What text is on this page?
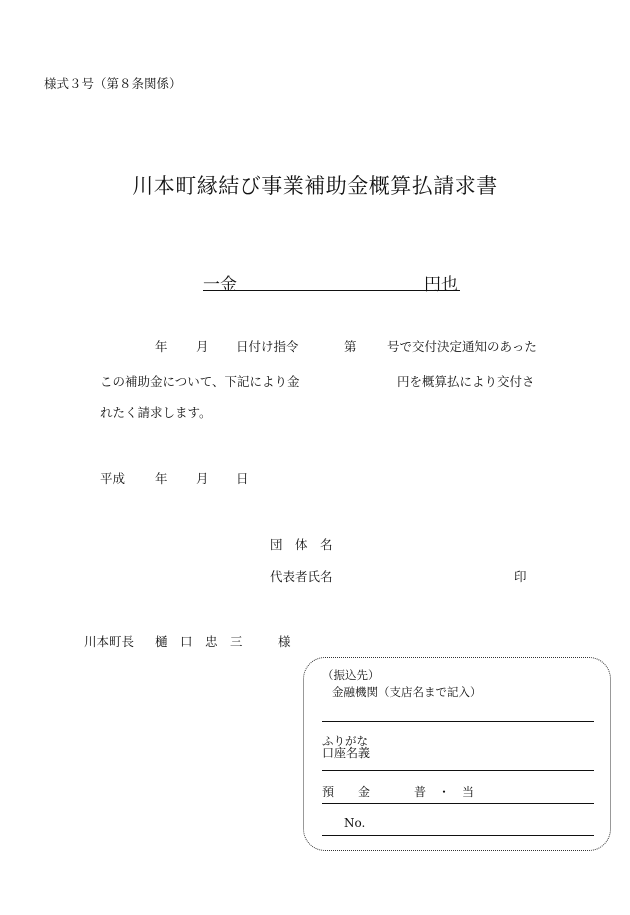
様式３号（第８条関係）
川本町縁結び事業補助金概算払請求書
一金	円也
年 月 日付け指令	第 号で交付決定通知のあった
この補助金について、下記により金	円を概算払により交付さ
れたく請求します。
平成 年 月 日
団　体　名
代表者氏名	印
川本町長 樋　口　忠　三	様
（振込先）
金融機関（支店名まで記入）
ふりがな
口座名義
預　　金	普　・　当
No.
